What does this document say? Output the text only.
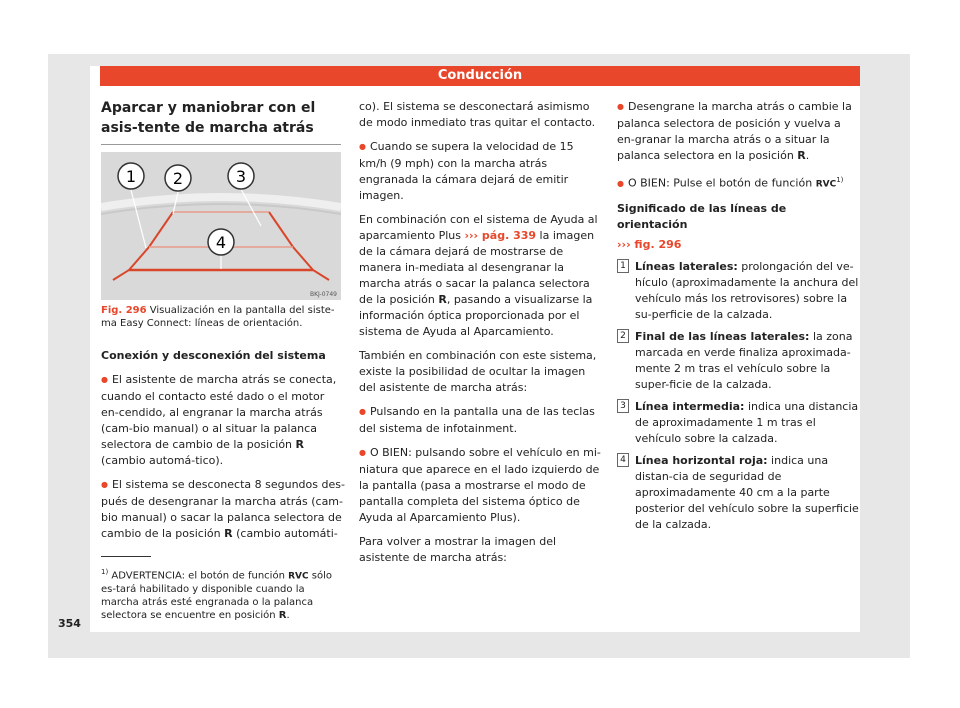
Conducción
Aparcar y maniobrar con el asis-tente de marcha atrás
1 2	3
4
BKJ-0749
Fig. 296 Visualización en la pantalla del siste-ma Easy Connect: líneas de orientación.

Conexión y desconexión del sistema

● El asistente de marcha atrás se conecta, cuando el contacto esté dado o el motor en-cendido, al engranar la marcha atrás (cam-bio manual) o al situar la palanca selectora de cambio de la posición R (cambio automá-tico).

● El sistema se desconecta 8 segundos des-pués de desengranar la marcha atrás (cam-bio manual) o sacar la palanca selectora de cambio de la posición R (cambio automáti-

co). El sistema se desconectará asimismo de modo inmediato tras quitar el contacto.

● Cuando se supera la velocidad de 15 km/h (9 mph) con la marcha atrás engranada la cámara dejará de emitir imagen.

En combinación con el sistema de Ayuda al aparcamiento Plus ››› pág. 339 la imagen de la cámara dejará de mostrarse de manera in-mediata al desengranar la marcha atrás o sacar la palanca selectora de la posición R, pasando a visualizarse la información óptica proporcionada por el sistema de Ayuda al Aparcamiento.

También en combinación con este sistema, existe la posibilidad de ocultar la imagen del asistente de marcha atrás:

● Pulsando en la pantalla una de las teclas del sistema de infotainment.

● O BIEN: pulsando sobre el vehículo en mi-niatura que aparece en el lado izquierdo de la pantalla (pasa a mostrarse el modo de pantalla completa del sistema óptico de Ayuda al Aparcamiento Plus).

Para volver a mostrar la imagen del asistente de marcha atrás:

● Desengrane la marcha atrás o cambie la palanca selectora de posición y vuelva a en-granar la marcha atrás o a situar la palanca selectora en la posición R.

● O BIEN: Pulse el botón de función RVC$^{1)}$

Significado de las líneas de orientación

››› fig. 296

1 Líneas laterales: prolongación del ve-hículo (aproximadamente la anchura del vehículo más los retrovisores) sobre la su-perficie de la calzada.
2 Final de las líneas laterales: la zona marcada en verde finaliza aproximada-mente 2 m tras el vehículo sobre la super-ficie de la calzada.
3 Línea intermedia: indica una distancia de aproximadamente 1 m tras el vehículo sobre la calzada.
4 Línea horizontal roja: indica una distan-cia de seguridad de aproximadamente 40 cm a la parte posterior del vehículo sobre la superficie de la calzada.
$^{1)}$ ADVERTENCIA: el botón de función RVC sólo es-tará habilitado y disponible cuando la marcha atrás esté engranada o la palanca selectora se encuentre en posición R.
354
